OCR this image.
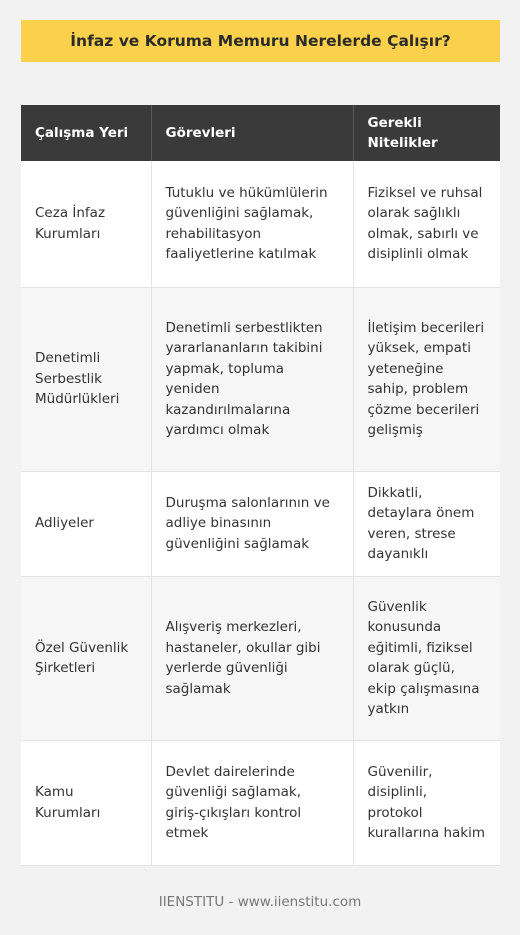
İnfaz ve Koruma Memuru Nerelerde Çalışır?
Çalışma Yeri	Görevleri	Gerekli Nitelikler
Ceza İnfaz Kurumları	Tutuklu ve hükümlülerin güvenliğini sağlamak, rehabilitasyon faaliyetlerine katılmak	Fiziksel ve ruhsal olarak sağlıklı olmak, sabırlı ve disiplinli olmak
Denetimli Serbestlik Müdürlükleri	Denetimli serbestlikten yararlananların takibini yapmak, topluma yeniden kazandırılmalarına yardımcı olmak	İletişim becerileri yüksek, empati yeteneğine sahip, problem çözme becerileri gelişmiş
Adliyeler	Duruşma salonlarının ve adliye binasının güvenliğini sağlamak	Dikkatli, detaylara önem veren, strese dayanıklı
Özel Güvenlik Şirketleri	Alışveriş merkezleri, hastaneler, okullar gibi yerlerde güvenliği sağlamak	Güvenlik konusunda eğitimli, fiziksel olarak güçlü, ekip çalışmasına yatkın
Kamu Kurumları	Devlet dairelerinde güvenliği sağlamak, giriş-çıkışları kontrol etmek	Güvenilir, disiplinli, protokol kurallarına hakim
IIENSTITU - www.iienstitu.com
